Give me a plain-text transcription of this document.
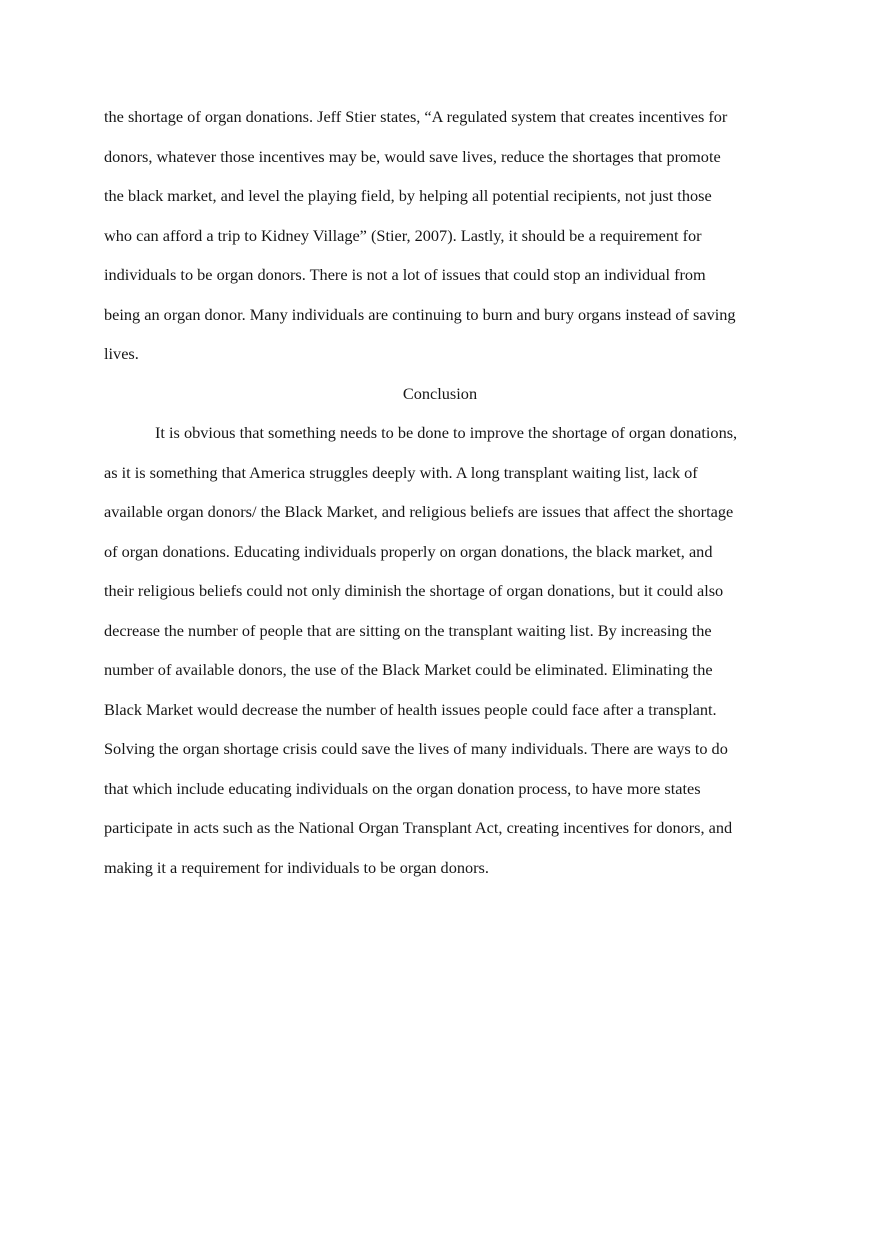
the shortage of organ donations. Jeff Stier states, “A regulated system that creates incentives for
donors, whatever those incentives may be, would save lives, reduce the shortages that promote
the black market, and level the playing field, by helping all potential recipients, not just those
who can afford a trip to Kidney Village” (Stier, 2007). Lastly, it should be a requirement for
individuals to be organ donors. There is not a lot of issues that could stop an individual from
being an organ donor. Many individuals are continuing to burn and bury organs instead of saving
lives.
Conclusion
It is obvious that something needs to be done to improve the shortage of organ donations,
as it is something that America struggles deeply with. A long transplant waiting list, lack of
available organ donors/ the Black Market, and religious beliefs are issues that affect the shortage
of organ donations. Educating individuals properly on organ donations, the black market, and
their religious beliefs could not only diminish the shortage of organ donations, but it could also
decrease the number of people that are sitting on the transplant waiting list. By increasing the
number of available donors, the use of the Black Market could be eliminated. Eliminating the
Black Market would decrease the number of health issues people could face after a transplant.
Solving the organ shortage crisis could save the lives of many individuals. There are ways to do
that which include educating individuals on the organ donation process, to have more states
participate in acts such as the National Organ Transplant Act, creating incentives for donors, and
making it a requirement for individuals to be organ donors.
